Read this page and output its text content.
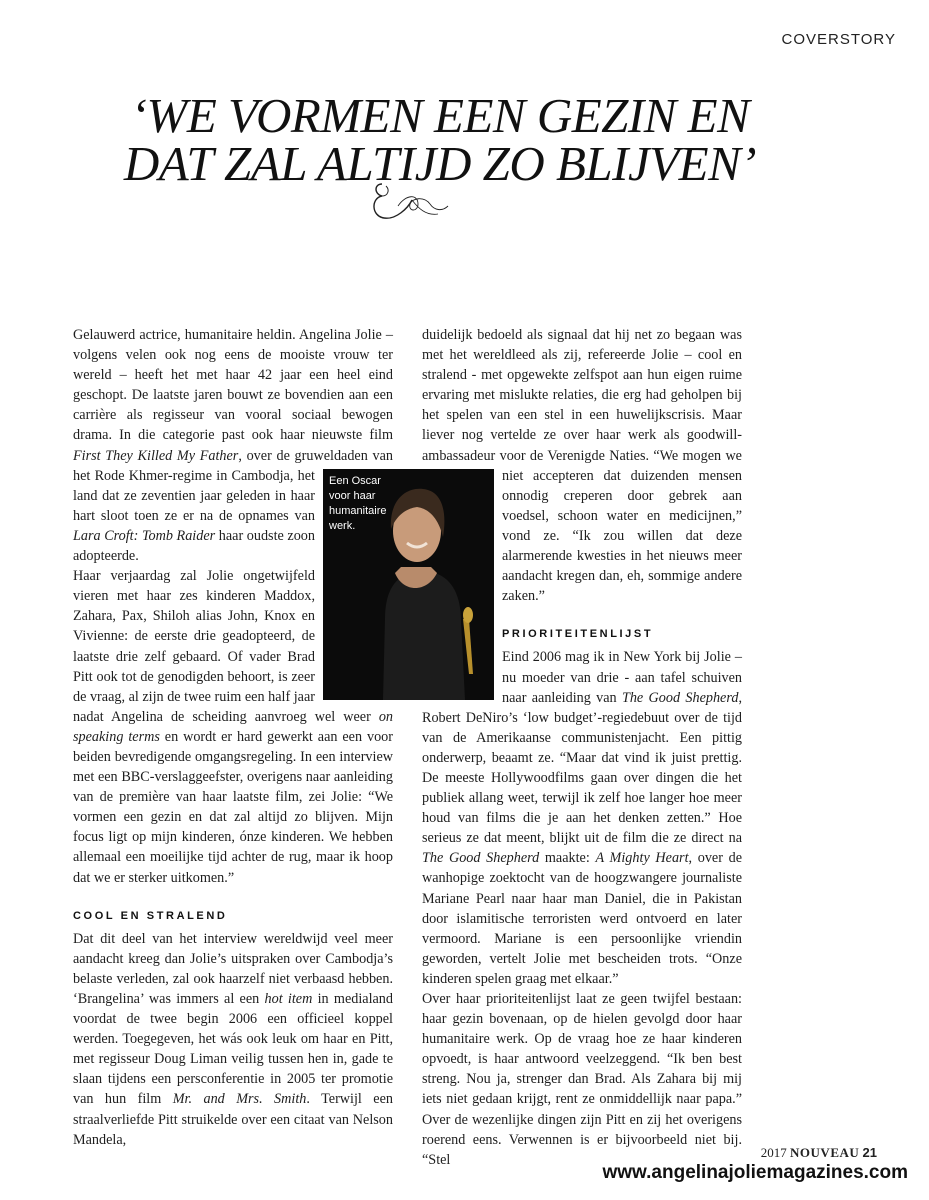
COVERSTORY
‘WE VORMEN EEN GEZIN EN
DAT ZAL ALTIJD ZO BLIJVEN’

Gelauwerd actrice, humanitaire heldin. Angelina Jolie – volgens velen ook nog eens de mooiste vrouw ter wereld – heeft het met haar 42 jaar een heel eind geschopt. De laatste jaren bouwt ze bovendien aan een carrière als regisseur van vooral sociaal bewogen drama. In die categorie past ook haar nieuwste film First They Killed My Father, over de gruweldaden van het Rode Khmer-regime in Cambodja, het land dat ze zeventien jaar geleden in haar hart sloot toen ze er na de opnames van Lara Croft: Tomb Raider haar oudste zoon adopteerde.

Haar verjaardag zal Jolie ongetwijfeld vieren met haar zes kinderen Maddox, Zahara, Pax, Shiloh alias John, Knox en Vivienne: de eerste drie geadopteerd, de laatste drie zelf gebaard. Of vader Brad Pitt ook tot de genodigden behoort, is zeer de vraag, al zijn de twee ruim een half jaar nadat Angelina de scheiding aanvroeg wel weer on speaking terms en wordt er hard gewerkt aan een voor beiden bevredigende omgangsregeling. In een interview met een BBC-verslaggeefster, overigens naar aanleiding van de première van haar laatste film, zei Jolie: “We vormen een gezin en dat zal altijd zo blijven. Mijn focus ligt op mijn kinderen, ónze kinderen. We hebben allemaal een moeilijke tijd achter de rug, maar ik hoop dat we er sterker uitkomen.”

COOL EN STRALEND

Dat dit deel van het interview wereldwijd veel meer aandacht kreeg dan Jolie’s uitspraken over Cambodja’s belaste verleden, zal ook haarzelf niet verbaasd hebben. ‘Brangelina’ was immers al een hot item in medialand voordat de twee begin 2006 een officieel koppel werden. Toegegeven, het wás ook leuk om haar en Pitt, met regisseur Doug Liman veilig tussen hen in, gade te slaan tijdens een persconferentie in 2005 ter promotie van hun film Mr. and Mrs. Smith. Terwijl een straalverliefde Pitt struikelde over een citaat van Nelson Mandela,

Een Oscar voor haar humanitaire werk.

duidelijk bedoeld als signaal dat hij net zo begaan was met het wereldleed als zij, refereerde Jolie – cool en stralend - met opgewekte zelfspot aan hun eigen ruime ervaring met mislukte relaties, die erg had geholpen bij het spelen van een stel in een huwelijkscrisis. Maar liever nog vertelde ze over haar werk als goodwill-ambassadeur voor de Verenigde Naties. “We mogen we niet accepteren dat duizenden mensen onnodig creperen door gebrek aan voedsel, schoon water en medicijnen,” vond ze. “Ik zou willen dat deze alarmerende kwesties in het nieuws meer aandacht kregen dan, eh, sommige andere zaken.”

PRIORITEITENLIJST

Eind 2006 mag ik in New York bij Jolie – nu moeder van drie - aan tafel schuiven naar aanleiding van The Good Shepherd, Robert DeNiro’s ‘low budget’-regiedebuut over de tijd van de Amerikaanse communistenjacht. Een pittig onderwerp, beaamt ze. “Maar dat vind ik juist prettig. De meeste Hollywoodfilms gaan over dingen die het publiek allang weet, terwijl ik zelf hoe langer hoe meer houd van films die je aan het denken zetten.” Hoe serieus ze dat meent, blijkt uit de film die ze direct na The Good Shepherd maakte: A Mighty Heart, over de wanhopige zoektocht van de hoogzwangere journaliste Mariane Pearl naar haar man Daniel, die in Pakistan door islamitische terroristen werd ontvoerd en later vermoord. Mariane is een persoonlijke vriendin geworden, vertelt Jolie met bescheiden trots. “Onze kinderen spelen graag met elkaar.”

Over haar prioriteitenlijst laat ze geen twijfel bestaan: haar gezin bovenaan, op de hielen gevolgd door haar humanitaire werk. Op de vraag hoe ze haar kinderen opvoedt, is haar antwoord veelzeggend. “Ik ben best streng. Nou ja, strenger dan Brad. Als Zahara bij mij iets niet gedaan krijgt, rent ze onmiddellijk naar papa.” Over de wezenlijke dingen zijn Pitt en zij het overigens roerend eens. Verwennen is er bijvoorbeeld niet bij. “Stel	2017 NOUVEAU 21
www.angelinajoliemagazines.com
